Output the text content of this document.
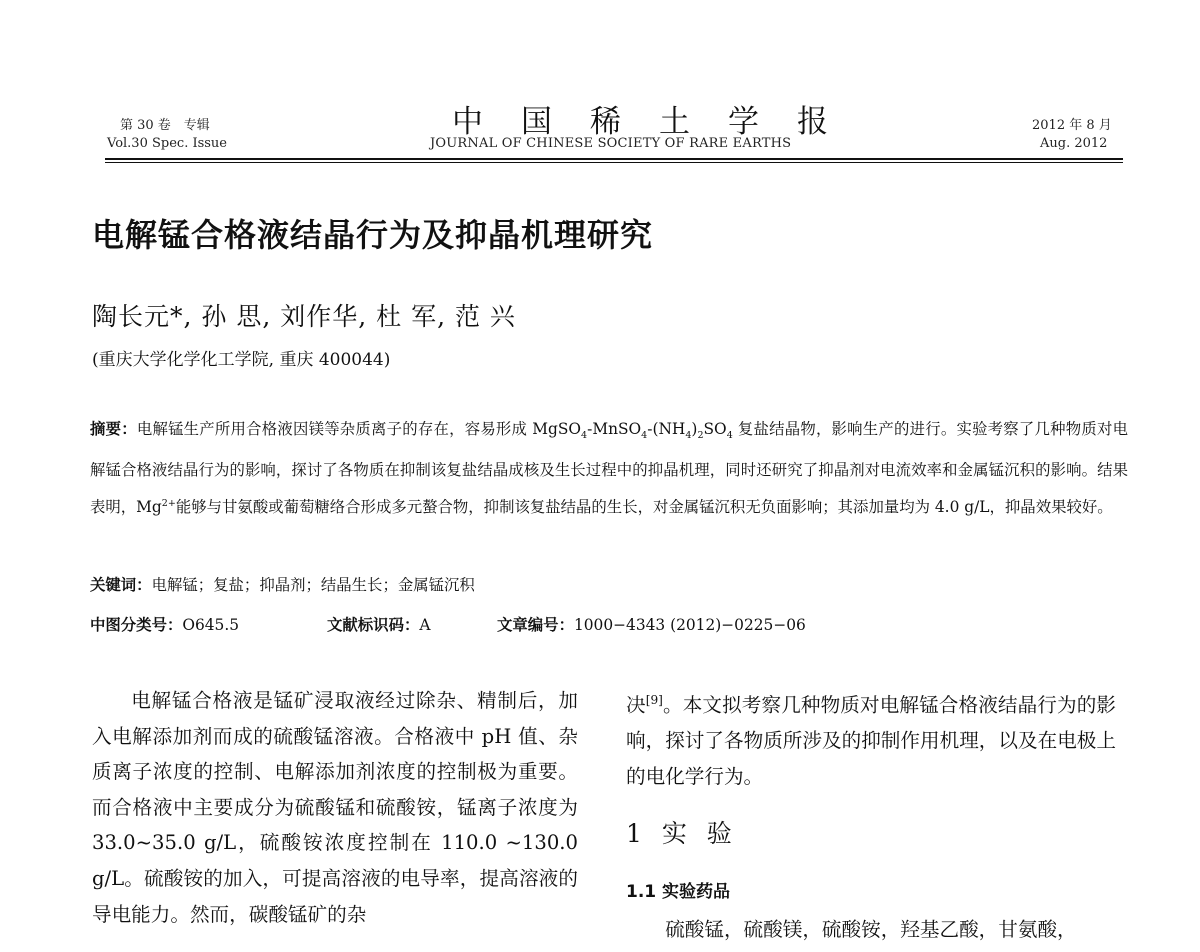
第 30 卷　专辑
Vol.30 Spec. Issue
中国稀土学报
JOURNAL OF CHINESE SOCIETY OF RARE EARTHS
2012 年 8 月
Aug. 2012
电解锰合格液结晶行为及抑晶机理研究
陶长元*, 孙 思, 刘作华, 杜 军, 范 兴
(重庆大学化学化工学院, 重庆 400044)

摘要：电解锰生产所用合格液因镁等杂质离子的存在，容易形成 $MgSO_4-MnSO_4-(NH_4)_2SO_4$ 复盐结晶物，影响生产的进行。实验考察了几种物质对电解锰合格液结晶行为的影响，探讨了各物质在抑制该复盐结晶成核及生长过程中的抑晶机理，同时还研究了抑晶剂对电流效率和金属锰沉积的影响。结果表明，$Mg^{2+}$能够与甘氨酸或葡萄糖络合形成多元螯合物，抑制该复盐结晶的生长，对金属锰沉积无负面影响；其添加量均为 4.0 g/L，抑晶效果较好。

关键词：电解锰；复盐；抑晶剂；结晶生长；金属锰沉积
中图分类号：O645.5	文献标识码：A	文章编号：1000−4343 (2012)−0225−06

电解锰合格液是锰矿浸取液经过除杂、精制后，加入电解添加剂而成的硫酸锰溶液。合格液中 pH 值、杂质离子浓度的控制、电解添加剂浓度的控制极为重要。而合格液中主要成分为硫酸锰和硫酸铵，锰离子浓度为 33.0~35.0 g/L，硫酸铵浓度控制在 110.0 ~130.0 g/L。硫酸铵的加入，可提高溶液的电导率，提高溶液的导电能力。然而，碳酸锰矿的杂

决[9]。本文拟考察几种物质对电解锰合格液结晶行为的影响，探讨了各物质所涉及的抑制作用机理，以及在电极上的电化学行为。

1 实 验
1.1 实验药品

硫酸锰，硫酸镁，硫酸铵，羟基乙酸，甘氨酸，
